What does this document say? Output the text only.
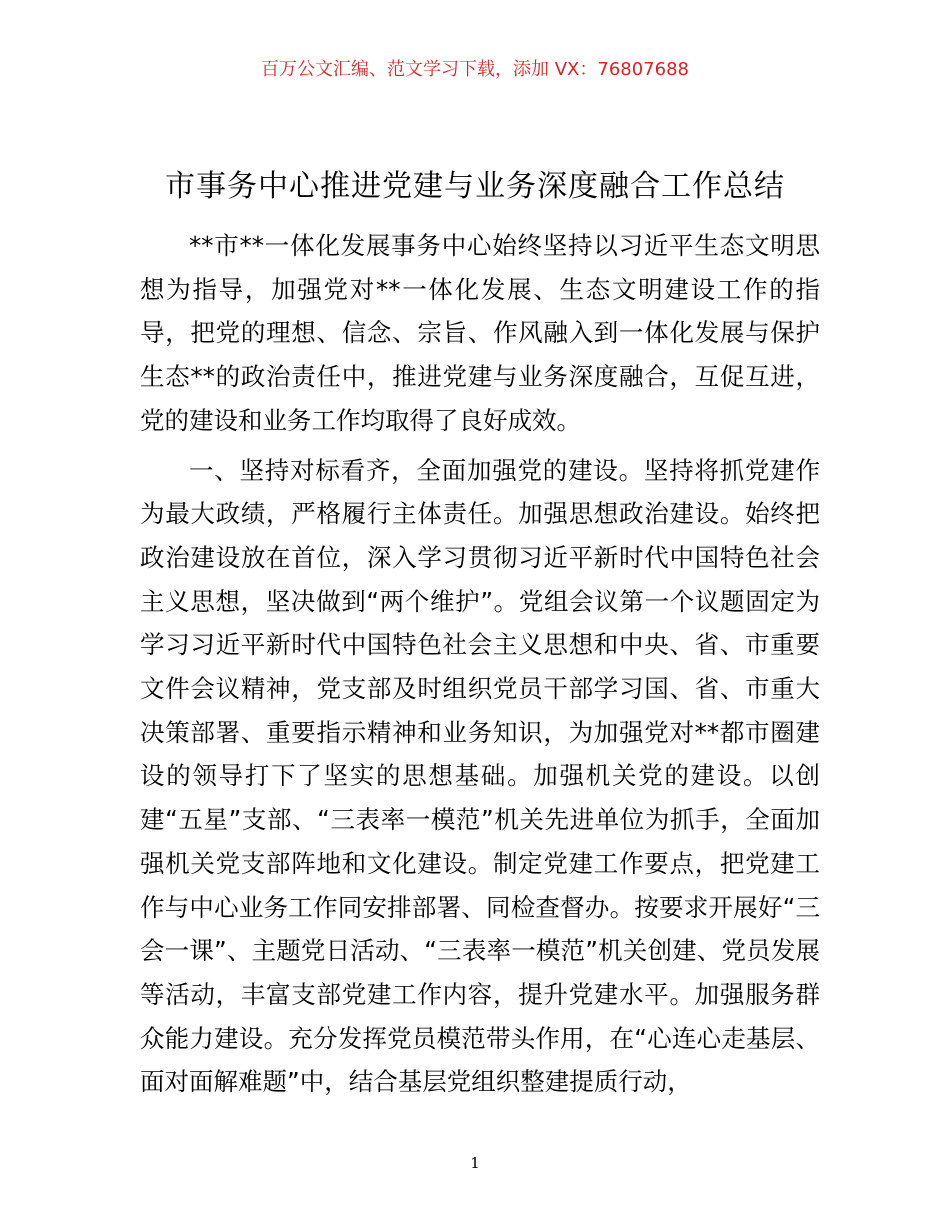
百万公文汇编、范文学习下载，添加 VX：76807688
市事务中心推进党建与业务深度融合工作总结

**市**一体化发展事务中心始终坚持以习近平生态文明思想为指导，加强党对**一体化发展、生态文明建设工作的指导，把党的理想、信念、宗旨、作风融入到一体化发展与保护生态**的政治责任中，推进党建与业务深度融合，互促互进，党的建设和业务工作均取得了良好成效。

一、坚持对标看齐，全面加强党的建设。坚持将抓党建作为最大政绩，严格履行主体责任。加强思想政治建设。始终把政治建设放在首位，深入学习贯彻习近平新时代中国特色社会主义思想，坚决做到“两个维护”。党组会议第一个议题固定为学习习近平新时代中国特色社会主义思想和中央、省、市重要文件会议精神，党支部及时组织党员干部学习国、省、市重大决策部署、重要指示精神和业务知识，为加强党对**都市圈建设的领导打下了坚实的思想基础。加强机关党的建设。以创建“五星”支部、“三表率一模范”机关先进单位为抓手，全面加强机关党支部阵地和文化建设。制定党建工作要点，把党建工作与中心业务工作同安排部署、同检查督办。按要求开展好“三会一课”、主题党日活动、“三表率一模范”机关创建、党员发展等活动，丰富支部党建工作内容，提升党建水平。加强服务群众能力建设。充分发挥党员模范带头作用，在“心连心走基层、面对面解难题”中，结合基层党组织整建提质行动，

1
